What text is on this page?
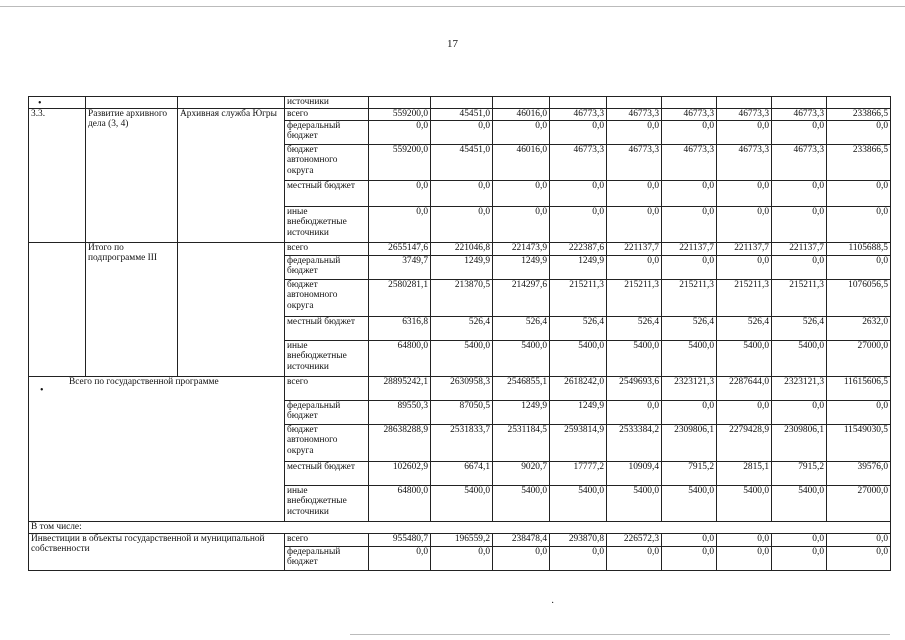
17
•
•
·
			источники									
3.3.	Развитие архивного дела (3, 4)	Архивная служба Югры	всего	559200,0	45451,0	46016,0	46773,3	46773,3	46773,3	46773,3	46773,3	233866,5
			федеральный бюджет	0,0	0,0	0,0	0,0	0,0	0,0	0,0	0,0	0,0
			бюджет автономного округа	559200,0	45451,0	46016,0	46773,3	46773,3	46773,3	46773,3	46773,3	233866,5
			местный бюджет	0,0	0,0	0,0	0,0	0,0	0,0	0,0	0,0	0,0
			иные внебюджетные источники	0,0	0,0	0,0	0,0	0,0	0,0	0,0	0,0	0,0
	Итого по подпрограмме III		всего	2655147,6	221046,8	221473,9	222387,6	221137,7	221137,7	221137,7	221137,7	1105688,5
			федеральный бюджет	3749,7	1249,9	1249,9	1249,9	0,0	0,0	0,0	0,0	0,0
			бюджет автономного округа	2580281,1	213870,5	214297,6	215211,3	215211,3	215211,3	215211,3	215211,3	1076056,5
			местный бюджет	6316,8	526,4	526,4	526,4	526,4	526,4	526,4	526,4	2632,0
			иные внебюджетные источники	64800,0	5400,0	5400,0	5400,0	5400,0	5400,0	5400,0	5400,0	27000,0
Всего по государственной программе			всего	28895242,1	2630958,3	2546855,1	2618242,0	2549693,6	2323121,3	2287644,0	2323121,3	11615606,5
			федеральный бюджет	89550,3	87050,5	1249,9	1249,9	0,0	0,0	0,0	0,0	0,0
			бюджет автономного округа	28638288,9	2531833,7	2531184,5	2593814,9	2533384,2	2309806,1	2279428,9	2309806,1	11549030,5
			местный бюджет	102602,9	6674,1	9020,7	17777,2	10909,4	7915,2	2815,1	7915,2	39576,0
			иные внебюджетные источники	64800,0	5400,0	5400,0	5400,0	5400,0	5400,0	5400,0	5400,0	27000,0
В том числе:												
Инвестиции в объекты государственной и муниципальной собственности			всего	955480,7	196559,2	238478,4	293870,8	226572,3	0,0	0,0	0,0	0,0
			федеральный бюджет	0,0	0,0	0,0	0,0	0,0	0,0	0,0	0,0	0,0
